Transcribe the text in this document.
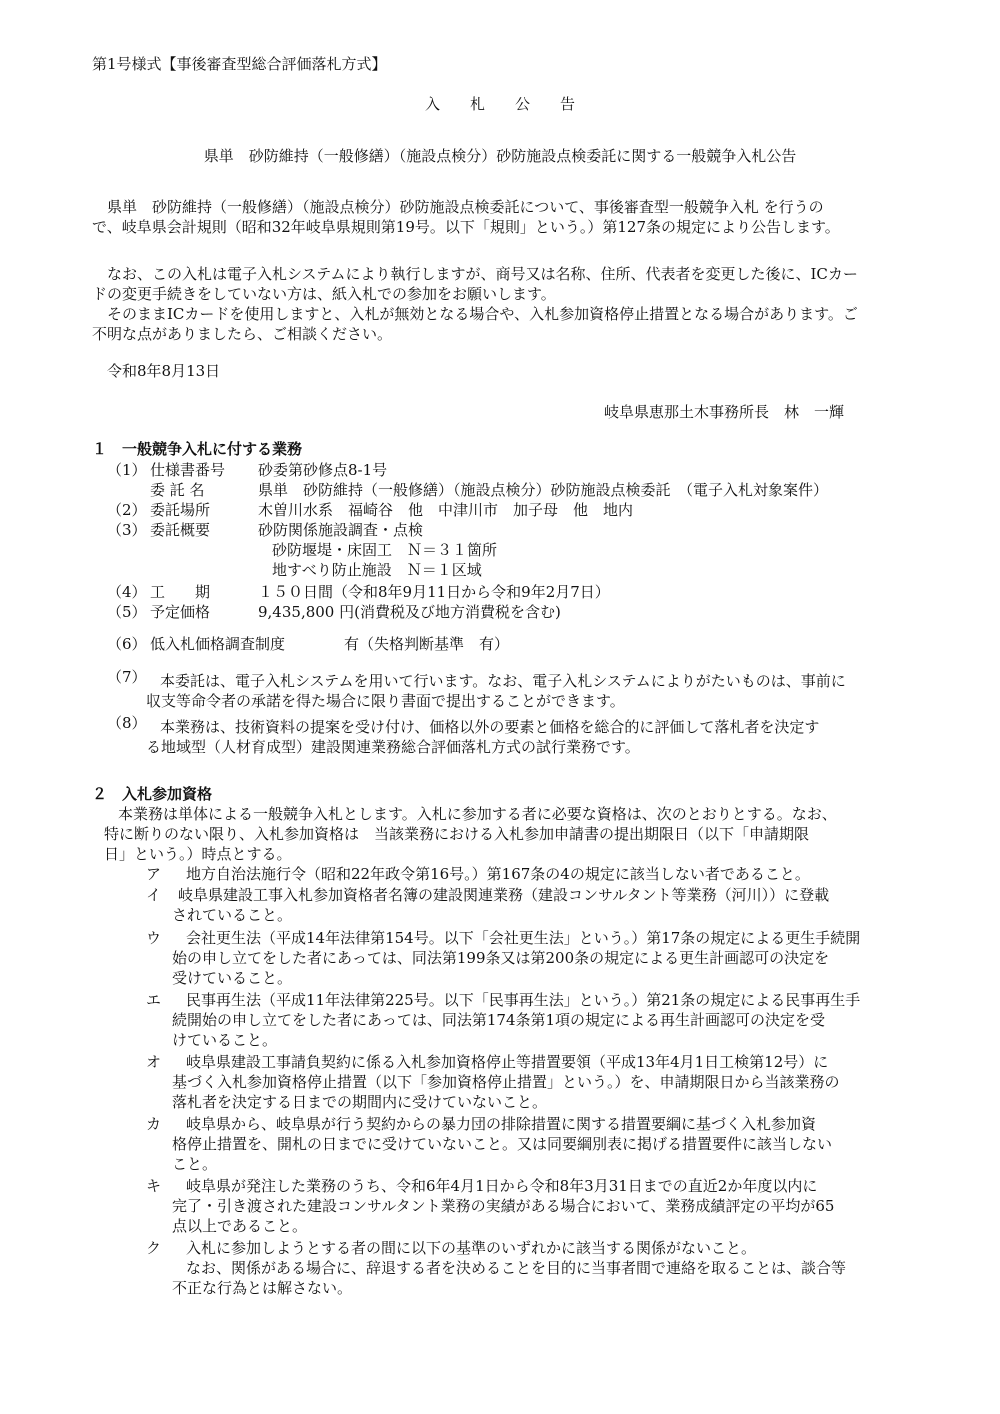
第1号様式【事後審査型総合評価落札方式】
入　　札　　公　　告
県単　砂防維持（一般修繕）（施設点検分）砂防施設点検委託に関する一般競争入札公告
県単　砂防維持（一般修繕）（施設点検分）砂防施設点検委託について、事後審査型一般競争入札 を行うの
で、岐阜県会計規則（昭和32年岐阜県規則第19号。以下「規則」という。）第127条の規定により公告します。
なお、この入札は電子入札システムにより執行しますが、商号又は名称、住所、代表者を変更した後に、ICカー
ドの変更手続きをしていない方は、紙入札での参加をお願いします。
そのままICカードを使用しますと、入札が無効となる場合や、入札参加資格停止措置となる場合があります。ご
不明な点がありましたら、ご相談ください。
令和8年8月13日
岐阜県恵那土木事務所長　林　一輝
１　一般競争入札に付する業務
（1） 仕様書番号 砂委第砂修点8-1号
委 託 名	県単　砂防維持（一般修繕）（施設点検分）砂防施設点検委託　（電子入札対象案件）
（2） 委託場所	木曽川水系　福崎谷　他　中津川市　加子母　他　地内
（3） 委託概要	砂防関係施設調査・点検
砂防堰堤・床固工　Ｎ＝３１箇所
地すべり防止施設　Ｎ＝１区域
（4） 工　　期	１５０日間（令和8年9月11日から令和9年2月7日）
（5） 予定価格	9,435,800 円(消費税及び地方消費税を含む)
（6） 低入札価格調査制度	有（失格判断基準　有）
（7） 本委託は、電子入札システムを用いて行います。なお、電子入札システムによりがたいものは、事前に
収支等命令者の承諾を得た場合に限り書面で提出することができます。
（8） 本業務は、技術資料の提案を受け付け、価格以外の要素と価格を総合的に評価して落札者を決定す
る地域型（人材育成型）建設関連業務総合評価落札方式の試行業務です。
２　入札参加資格
本業務は単体による一般競争入札とします。入札に参加する者に必要な資格は、次のとおりとする。なお、
特に断りのない限り、入札参加資格は　当該業務における入札参加申請書の提出期限日（以下「申請期限
日」という。）時点とする。
ア 地方自治法施行令（昭和22年政令第16号。）第167条の4の規定に該当しない者であること。
イ 岐阜県建設工事入札参加資格者名簿の建設関連業務（建設コンサルタント等業務（河川））に登載
されていること。
ウ 会社更生法（平成14年法律第154号。以下「会社更生法」という。）第17条の規定による更生手続開
始の申し立てをした者にあっては、同法第199条又は第200条の規定による更生計画認可の決定を
受けていること。
エ 民事再生法（平成11年法律第225号。以下「民事再生法」という。）第21条の規定による民事再生手
続開始の申し立てをした者にあっては、同法第174条第1項の規定による再生計画認可の決定を受
けていること。
オ 岐阜県建設工事請負契約に係る入札参加資格停止等措置要領（平成13年4月1日工検第12号）に
基づく入札参加資格停止措置（以下「参加資格停止措置」という。）を、申請期限日から当該業務の
落札者を決定する日までの期間内に受けていないこと。
カ 岐阜県から、岐阜県が行う契約からの暴力団の排除措置に関する措置要綱に基づく入札参加資
格停止措置を、開札の日までに受けていないこと。又は同要綱別表に掲げる措置要件に該当しない
こと。
キ 岐阜県が発注した業務のうち、令和6年4月1日から令和8年3月31日までの直近2か年度以内に
完了・引き渡された建設コンサルタント業務の実績がある場合において、業務成績評定の平均が65
点以上であること。
ク 入札に参加しようとする者の間に以下の基準のいずれかに該当する関係がないこと。
なお、関係がある場合に、辞退する者を決めることを目的に当事者間で連絡を取ることは、談合等
不正な行為とは解さない。
